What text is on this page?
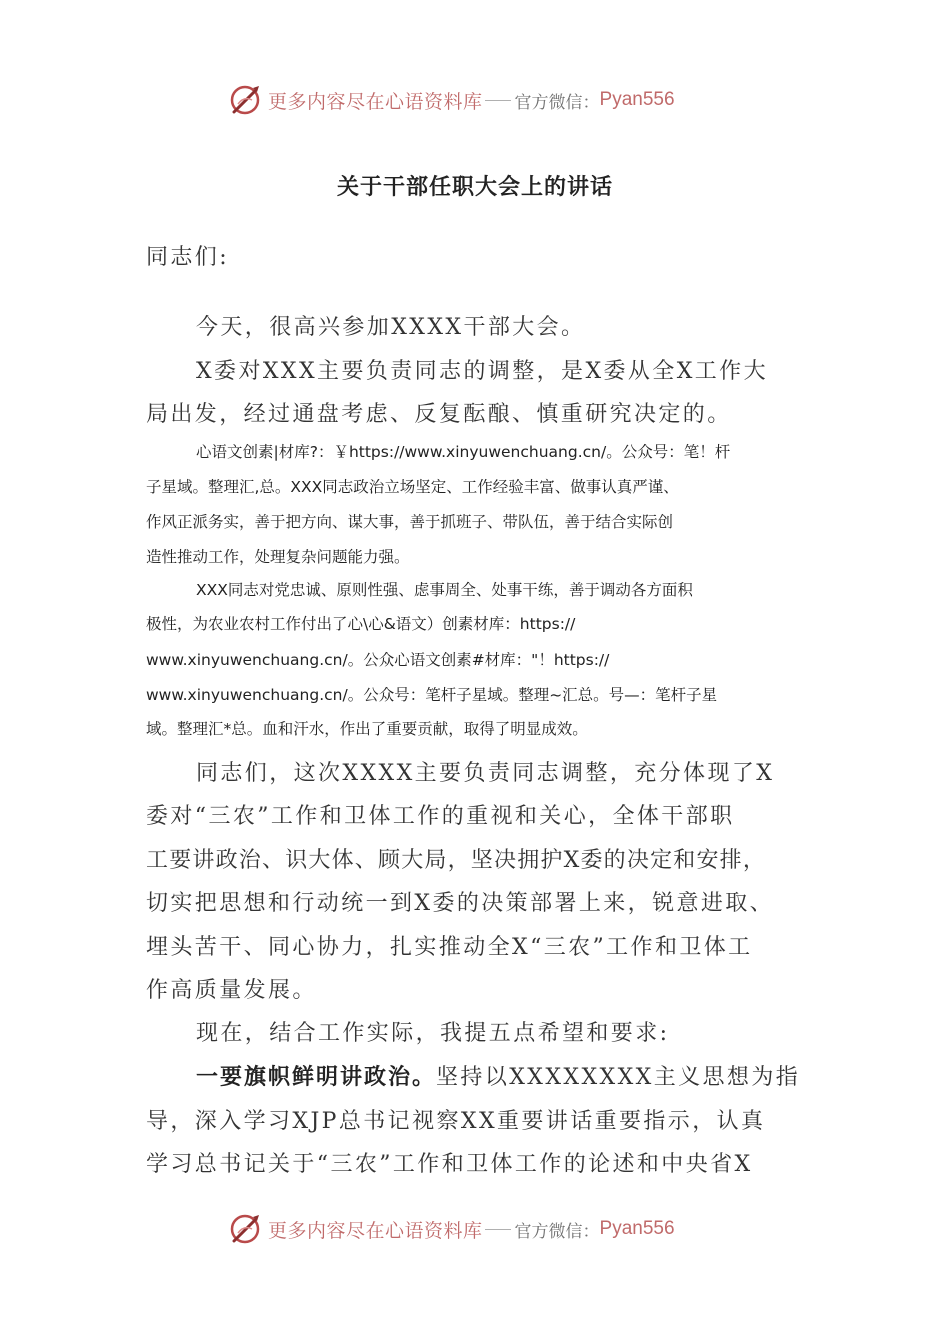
更多内容尽在心语资料库 官方微信： Pyan556
关于干部任职大会上的讲话
同志们:
今天，很高兴参加XXXX干部大会。
X委对XXX主要负责同志的调整，是X委从全X工作大
局出发，经过通盘考虑、反复酝酿、慎重研究决定的。
心语文创素|材库?：￥https://www.xinyuwenchuang.cn/。公众号：笔！杆
子星域。整理汇,总。XXX同志政治立场坚定、工作经验丰富、做事认真严谨、
作风正派务实，善于把方向、谋大事，善于抓班子、带队伍，善于结合实际创
造性推动工作，处理复杂问题能力强。
XXX同志对党忠诚、原则性强、虑事周全、处事干练，善于调动各方面积
极性，为农业农村工作付出了心\心&语文）创素材库：https://
www.xinyuwenchuang.cn/。公众心语文创素#材库："！https://
www.xinyuwenchuang.cn/。公众号：笔杆子星域。整理~汇总。号—：笔杆子星
域。整理汇*总。血和汗水，作出了重要贡献，取得了明显成效。
同志们，这次XXXX主要负责同志调整，充分体现了X
委对“三农”工作和卫体工作的重视和关心，全体干部职
工要讲政治、识大体、顾大局，坚决拥护X委的决定和安排，
切实把思想和行动统一到X委的决策部署上来，锐意进取、
埋头苦干、同心协力，扎实推动全X“三农”工作和卫体工
作高质量发展。
现在，结合工作实际，我提五点希望和要求:
一要旗帜鲜明讲政治。坚持以XXXXXXXX主义思想为指
导，深入学习XJP总书记视察XX重要讲话重要指示，认真
学习总书记关于“三农”工作和卫体工作的论述和中央省X
更多内容尽在心语资料库 官方微信： Pyan556
